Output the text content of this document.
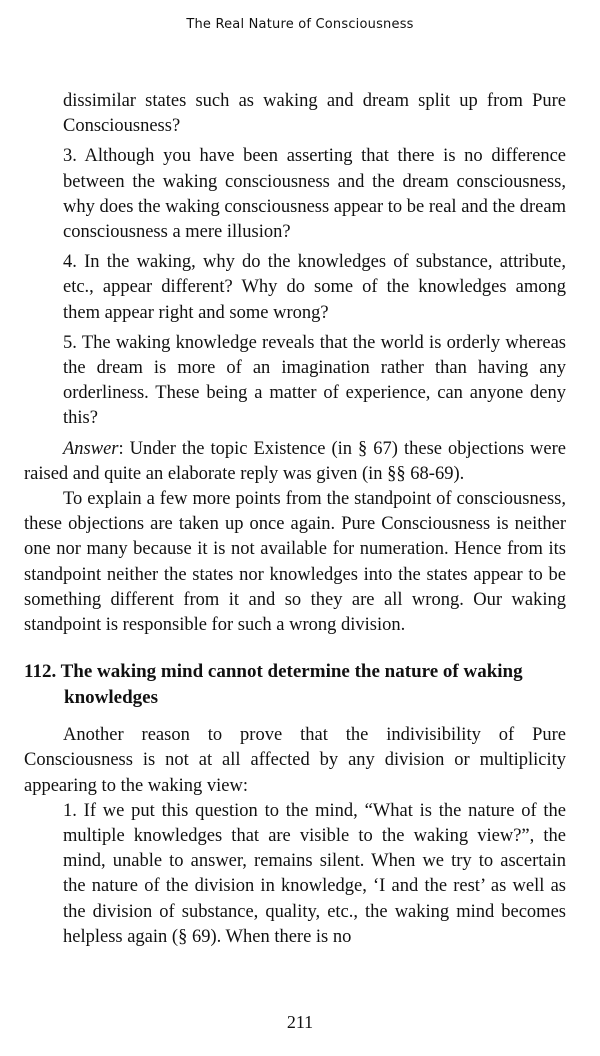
The Real Nature of Consciousness

dissimilar states such as waking and dream split up from Pure Consciousness?

3. Although you have been asserting that there is no difference between the waking consciousness and the dream consciousness, why does the waking consciousness appear to be real and the dream consciousness a mere illusion?

4. In the waking, why do the knowledges of substance, attribute, etc., appear different? Why do some of the knowledges among them appear right and some wrong?

5. The waking knowledge reveals that the world is orderly whereas the dream is more of an imagination rather than having any orderliness. These being a matter of experience, can anyone deny this?

Answer: Under the topic Existence (in § 67) these objections were raised and quite an elaborate reply was given (in §§ 68-69).

To explain a few more points from the standpoint of consciousness, these objections are taken up once again. Pure Consciousness is neither one nor many because it is not available for numeration. Hence from its standpoint neither the states nor knowledges into the states appear to be something different from it and so they are all wrong. Our waking standpoint is responsible for such a wrong division.

112. The waking mind cannot determine the nature of waking knowledges

Another reason to prove that the indivisibility of Pure Consciousness is not at all affected by any division or multiplicity appearing to the waking view:

1. If we put this question to the mind, “What is the nature of the multiple knowledges that are visible to the waking view?”, the mind, unable to answer, remains silent. When we try to ascertain the nature of the division in knowledge, ‘I and the rest’ as well as the division of substance, quality, etc., the waking mind becomes helpless again (§ 69). When there is no

211
